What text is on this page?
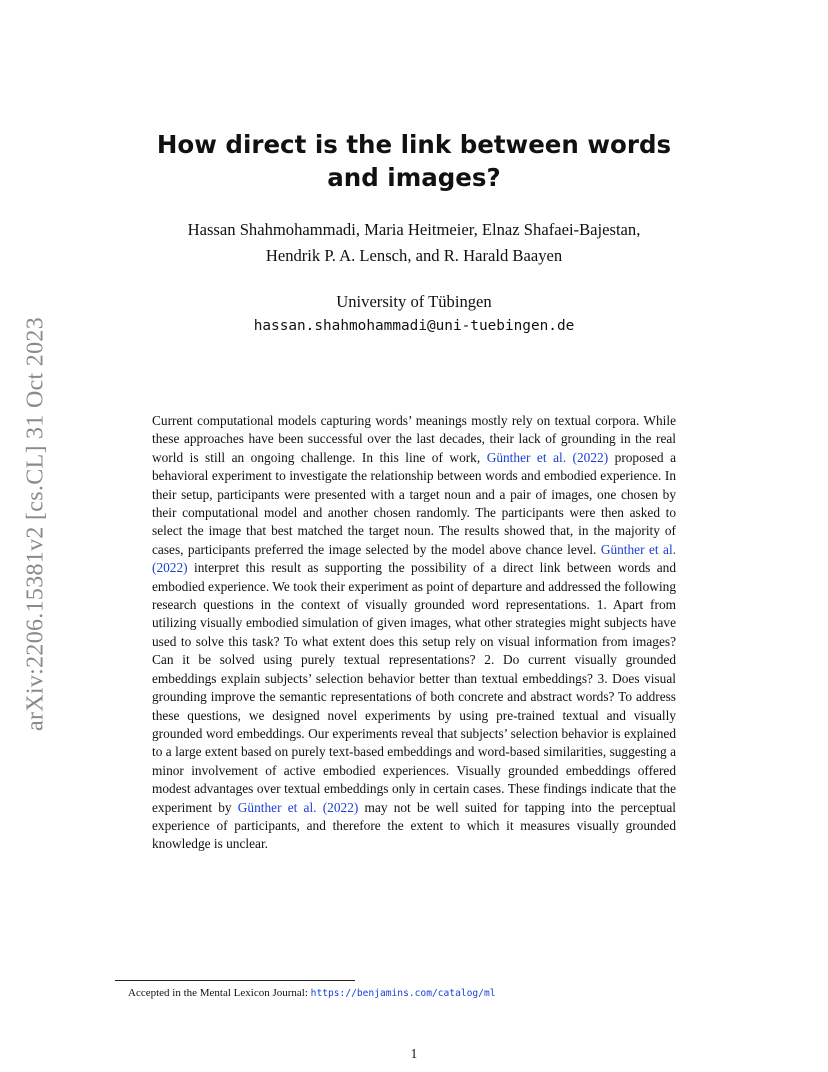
arXiv:2206.15381v2 [cs.CL] 31 Oct 2023
How direct is the link between words and images?
Hassan Shahmohammadi, Maria Heitmeier, Elnaz Shafaei-Bajestan,
Hendrik P. A. Lensch, and R. Harald Baayen
University of Tübingen
hassan.shahmohammadi@uni-tuebingen.de

Current computational models capturing words’ meanings mostly rely on textual corpora. While these approaches have been successful over the last decades, their lack of grounding in the real world is still an ongoing challenge. In this line of work, Günther et al. (2022) proposed a behavioral experiment to investigate the relationship between words and embodied experience. In their setup, participants were presented with a target noun and a pair of images, one chosen by their computational model and another chosen randomly. The participants were then asked to select the image that best matched the target noun. The results showed that, in the majority of cases, participants preferred the image selected by the model above chance level. Günther et al. (2022) interpret this result as supporting the possibility of a direct link between words and embodied experience. We took their experiment as point of departure and addressed the following research questions in the context of visually grounded word representations. 1. Apart from utilizing visually embodied simulation of given images, what other strategies might subjects have used to solve this task? To what extent does this setup rely on visual information from images? Can it be solved using purely textual representations? 2. Do current visually grounded embeddings explain subjects’ selection behavior better than textual embeddings? 3. Does visual grounding improve the semantic representations of both concrete and abstract words? To address these questions, we designed novel experiments by using pre-trained textual and visually grounded word embeddings. Our experiments reveal that subjects’ selection behavior is explained to a large extent based on purely text-based embeddings and word-based similarities, suggesting a minor involvement of active embodied experiences. Visually grounded embeddings offered modest advantages over textual embeddings only in certain cases. These findings indicate that the experiment by Günther et al. (2022) may not be well suited for tapping into the perceptual experience of participants, and therefore the extent to which it measures visually grounded knowledge is unclear.

Accepted in the Mental Lexicon Journal: https://benjamins.com/catalog/ml
1
